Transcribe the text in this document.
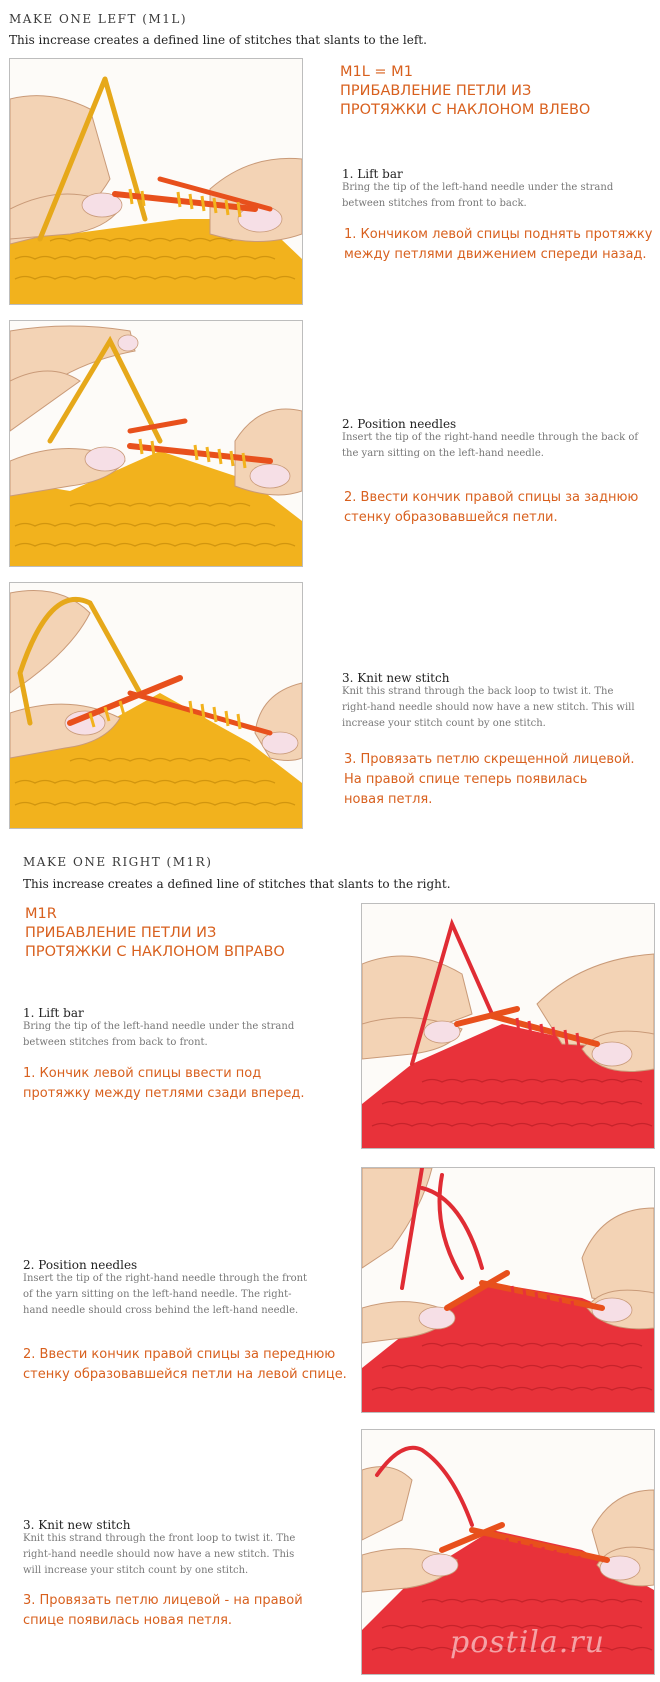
MAKE ONE LEFT (M1L)
This increase creates a defined line of stitches that slants to the left.
M1L = M1
ПРИБАВЛЕНИЕ ПЕТЛИ ИЗ
ПРОТЯЖКИ С НАКЛОНОМ ВЛЕВО
1. Lift bar
Bring the tip of the left-hand needle under the strand
between stitches from front to back.
1. Кончиком левой спицы поднять протяжку
между петлями движением спереди назад.
2. Position needles
Insert the tip of the right-hand needle through the back of
the yarn sitting on the left-hand needle.
2. Ввести кончик правой спицы за заднюю
стенку образовавшейся петли.
3. Knit new stitch
Knit this strand through the back loop to twist it. The
right-hand needle should now have a new stitch. This will
increase your stitch count by one stitch.
3. Провязать петлю скрещенной лицевой.
На правой спице теперь появилась
новая петля.
MAKE ONE RIGHT (M1R)
This increase creates a defined line of stitches that slants to the right.
M1R
ПРИБАВЛЕНИЕ ПЕТЛИ ИЗ
ПРОТЯЖКИ С НАКЛОНОМ ВПРАВО
1. Lift bar
Bring the tip of the left-hand needle under the strand
between stitches from back to front.
1. Кончик левой спицы ввести под
протяжку между петлями сзади вперед.
2. Position needles
Insert the tip of the right-hand needle through the front
of the yarn sitting on the left-hand needle. The right-
hand needle should cross behind the left-hand needle.
2. Ввести кончик правой спицы за переднюю
стенку образовавшейся петли на левой спице.
postila.ru
3. Knit new stitch
Knit this strand through the front loop to twist it. The
right-hand needle should now have a new stitch. This
will increase your stitch count by one stitch.
3. Провязать петлю лицевой - на правой
спице появилась новая петля.
